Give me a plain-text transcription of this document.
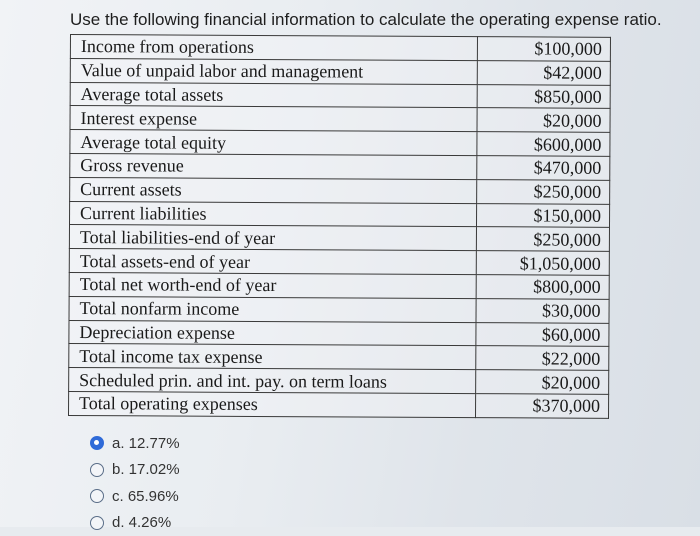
Use the following financial information to calculate the operating expense ratio.
Income from operations	$100,000
Value of unpaid labor and management	$42,000
Average total assets	$850,000
Interest expense	$20,000
Average total equity	$600,000
Gross revenue	$470,000
Current assets	$250,000
Current liabilities	$150,000
Total liabilities-end of year	$250,000
Total assets-end of year	$1,050,000
Total net worth-end of year	$800,000
Total nonfarm income	$30,000
Depreciation expense	$60,000
Total income tax expense	$22,000
Scheduled prin. and int. pay. on term loans	$20,000
Total operating expenses	$370,000
a. 12.77%
b. 17.02%
c. 65.96%
d. 4.26%
